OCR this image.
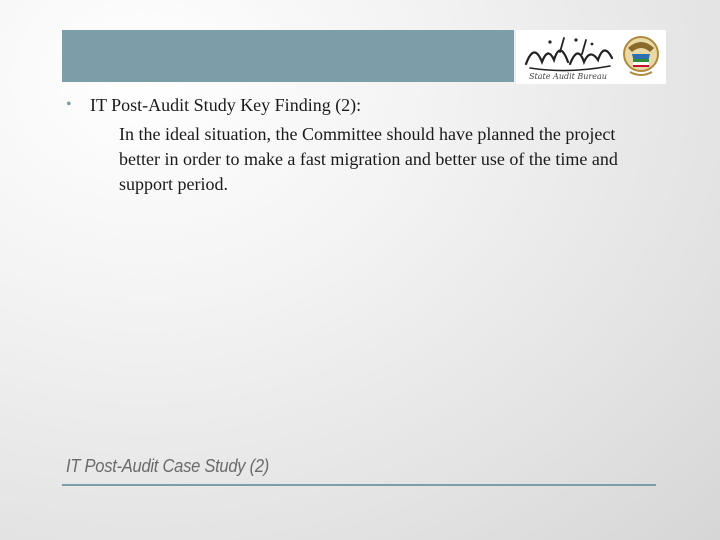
State Audit Bureau
•	IT Post-Audit Study Key Finding (2):
In the ideal situation, the Committee should have planned the project better in order to make a fast migration and better use of the time and support period.
IT Post-Audit Case Study (2)
